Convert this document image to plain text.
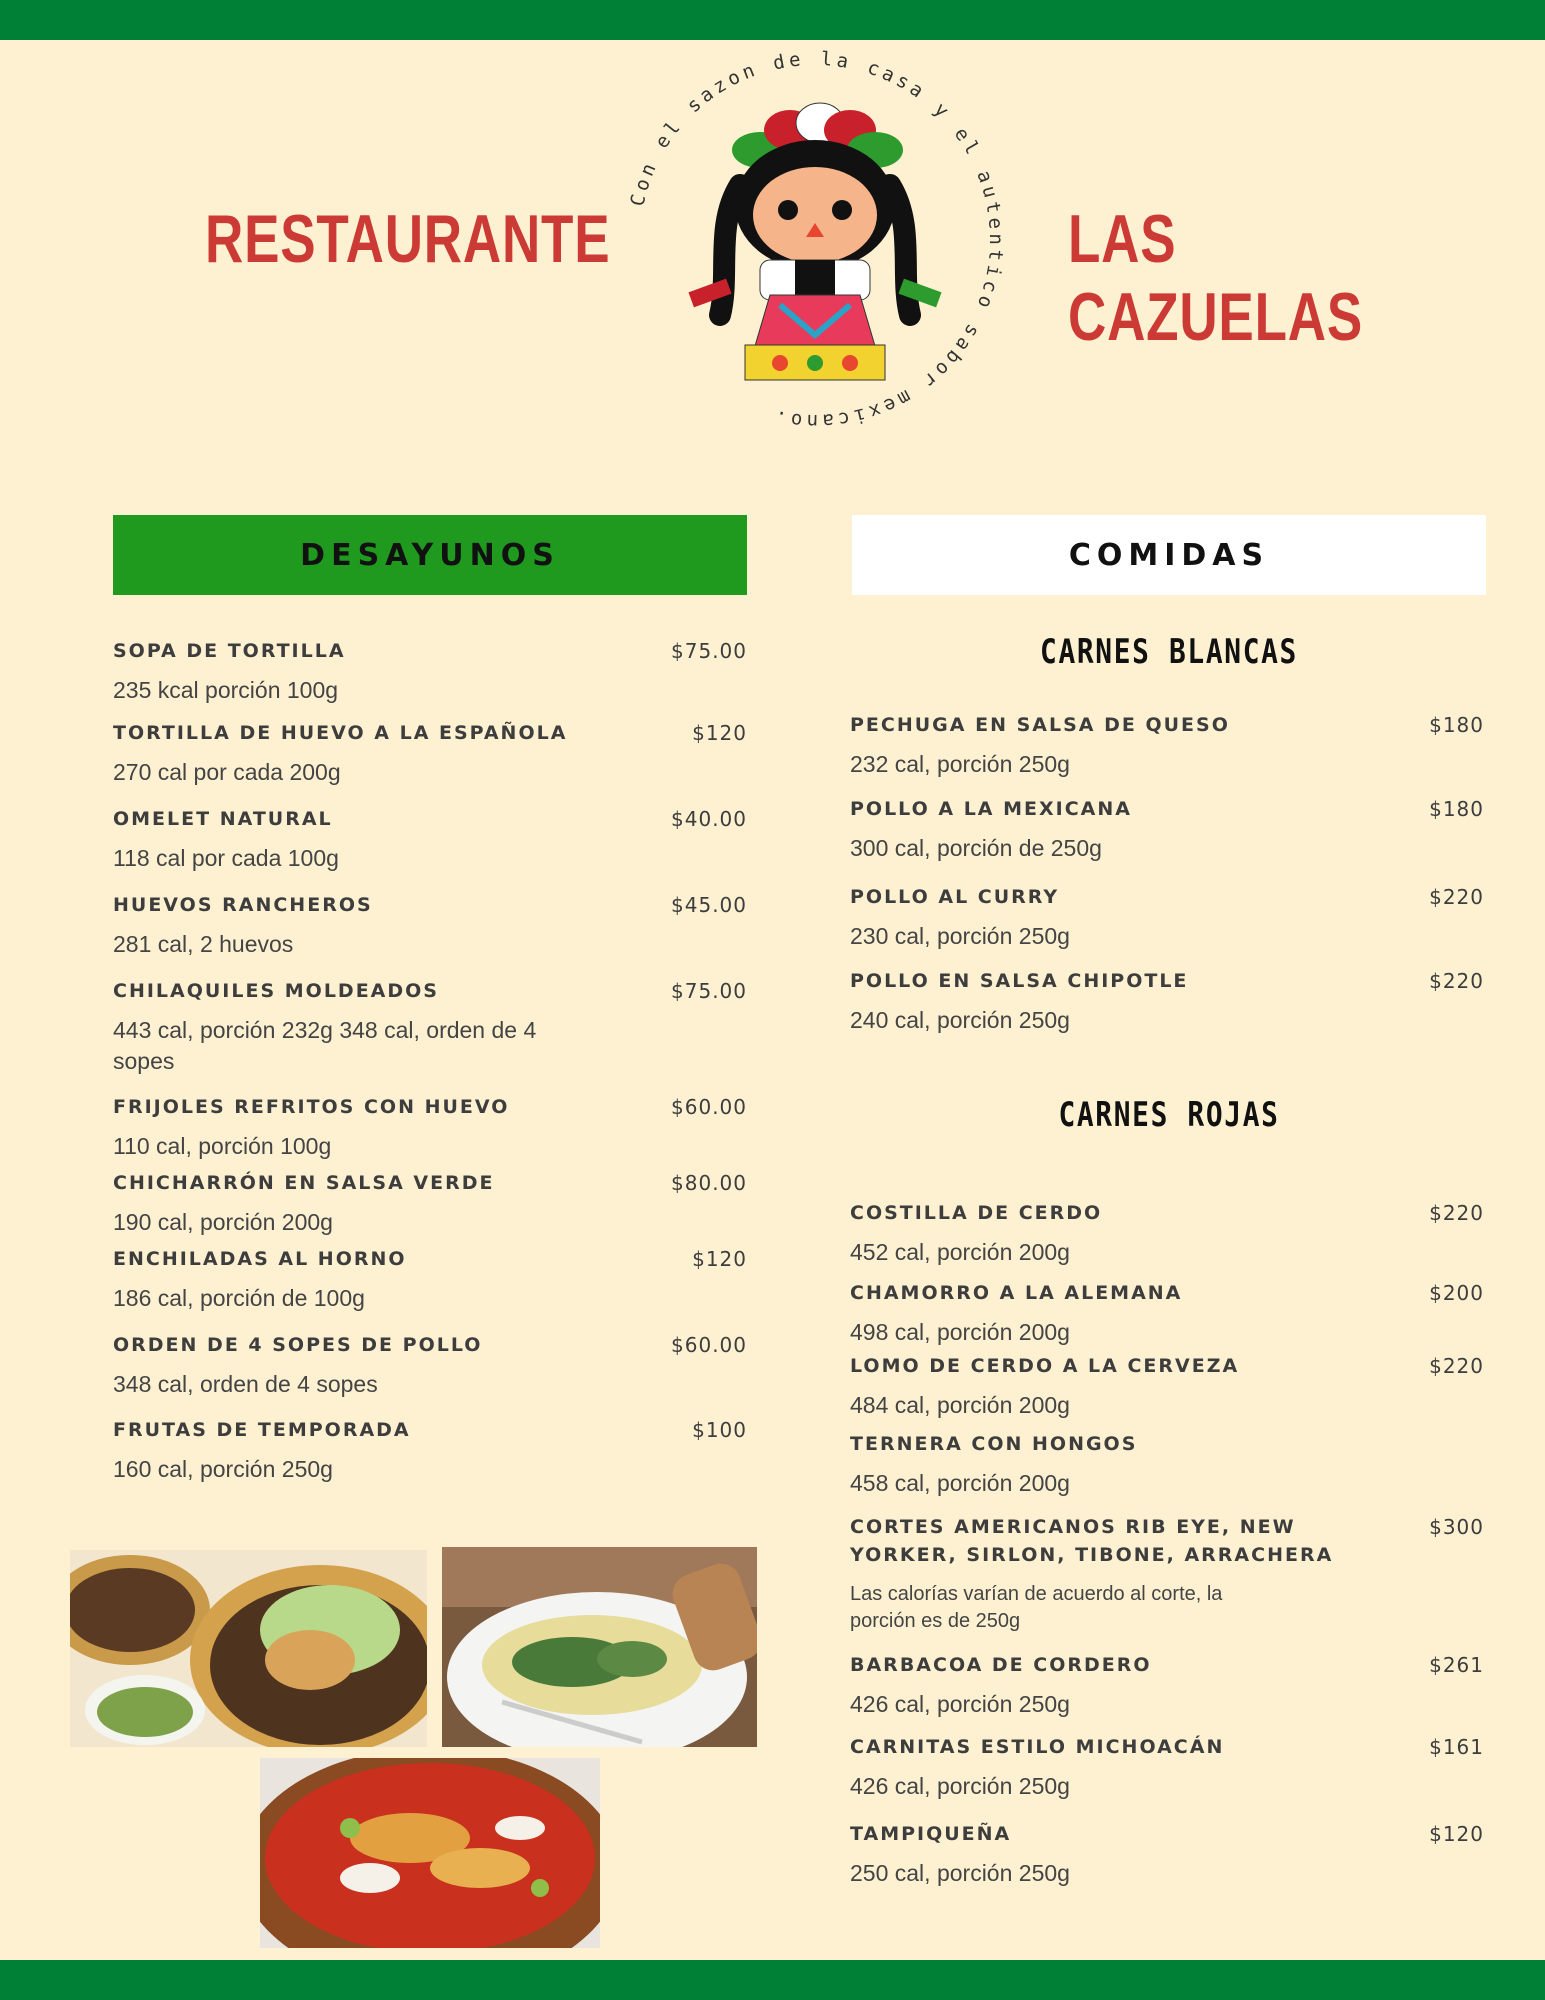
RESTAURANTE	LAS CAZUELAS
Con el sazon de la casa y el autentico sabor mexicano.
DESAYUNOS
SOPA DE TORTILLA	$75.00
235 kcal porción 100g
TORTILLA DE HUEVO A LA ESPAÑOLA	$120
270 cal por cada 200g
OMELET NATURAL	$40.00
118 cal por cada 100g
HUEVOS RANCHEROS	$45.00
281 cal, 2 huevos
CHILAQUILES MOLDEADOS	$75.00
443 cal, porción 232g 348 cal, orden de 4
sopes
FRIJOLES REFRITOS CON HUEVO	$60.00
110 cal, porción 100g
CHICHARRÓN EN SALSA VERDE	$80.00
190 cal, porción 200g
ENCHILADAS AL HORNO	$120
186 cal, porción de 100g
ORDEN DE 4 SOPES DE POLLO	$60.00
348 cal, orden de 4 sopes
FRUTAS DE TEMPORADA	$100
160 cal, porción 250g
COMIDAS
CARNES BLANCAS
CARNES ROJAS
PECHUGA EN SALSA DE QUESO	$180
232 cal, porción 250g
POLLO A LA MEXICANA	$180
300 cal, porción de 250g
POLLO AL CURRY	$220
230 cal, porción 250g
POLLO EN SALSA CHIPOTLE	$220
240 cal, porción 250g
COSTILLA DE CERDO	$220
452 cal, porción 200g
CHAMORRO A LA ALEMANA	$200
498 cal, porción 200g
LOMO DE CERDO A LA CERVEZA	$220
484 cal, porción 200g
TERNERA CON HONGOS
458 cal, porción 200g
CORTES AMERICANOS RIB EYE, NEW
YORKER, SIRLON, TIBONE, ARRACHERA
$300
Las calorías varían de acuerdo al corte, la
porción es de 250g
BARBACOA DE CORDERO	$261
426 cal, porción 250g
CARNITAS ESTILO MICHOACÁN	$161
426 cal, porción 250g
TAMPIQUEÑA	$120
250 cal, porción 250g
